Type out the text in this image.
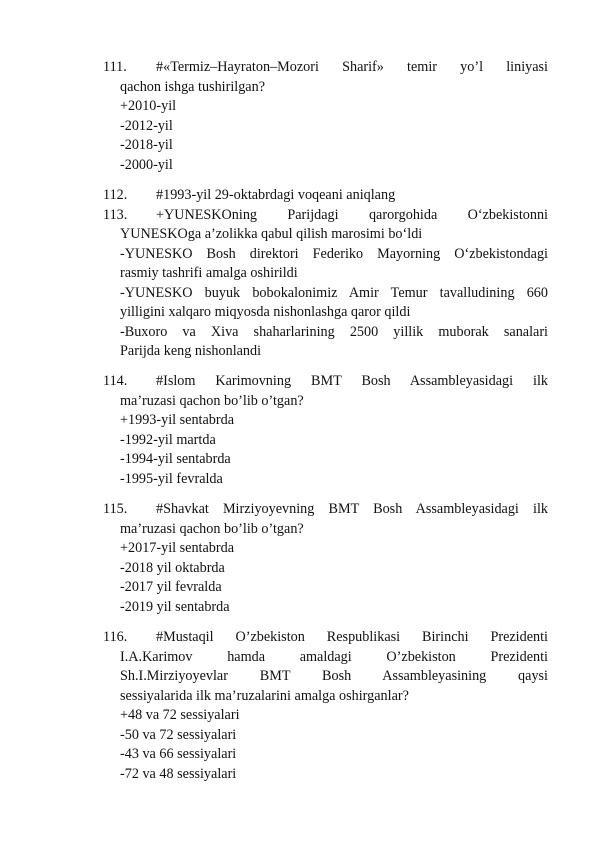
111. #«Termiz–Hayraton–Mozori Sharif» temir yo’l liniyasi
qachon ishga tushirilgan?
+2010-yil
-2012-yil
-2018-yil
-2000-yil
112. #1993-yil 29-oktabrdagi voqeani aniqlang
113. +YUNESKOning Parijdagi qarorgohida O‘zbekistonni
YUNESKOga a’zolikka qabul qilish marosimi bo‘ldi
-YUNESKO Bosh direktori Federiko Mayorning O‘zbekistondagi
rasmiy tashrifi amalga oshirildi
-YUNESKO buyuk bobokalonimiz Amir Temur tavalludining 660
yilligini xalqaro miqyosda nishonlashga qaror qildi
-Buxoro va Xiva shaharlarining 2500 yillik muborak sanalari
Parijda keng nishonlandi
114. #Islom Karimovning BMT Bosh Assambleyasidagi ilk
ma’ruzasi qachon bo’lib o’tgan?
+1993-yil sentabrda
-1992-yil martda
-1994-yil sentabrda
-1995-yil fevralda
115. #Shavkat Mirziyoyevning BMT Bosh Assambleyasidagi ilk
ma’ruzasi qachon bo’lib o’tgan?
+2017-yil sentabrda
-2018 yil oktabrda
-2017 yil fevralda
-2019 yil sentabrda
116. #Mustaqil O’zbekiston Respublikasi Birinchi Prezidenti
I.A.Karimov hamda amaldagi O’zbekiston Prezidenti
Sh.I.Mirziyoyevlar BMT Bosh Assambleyasining qaysi
sessiyalarida ilk ma’ruzalarini amalga oshirganlar?
+48 va 72 sessiyalari
-50 va 72 sessiyalari
-43 va 66 sessiyalari
-72 va 48 sessiyalari
